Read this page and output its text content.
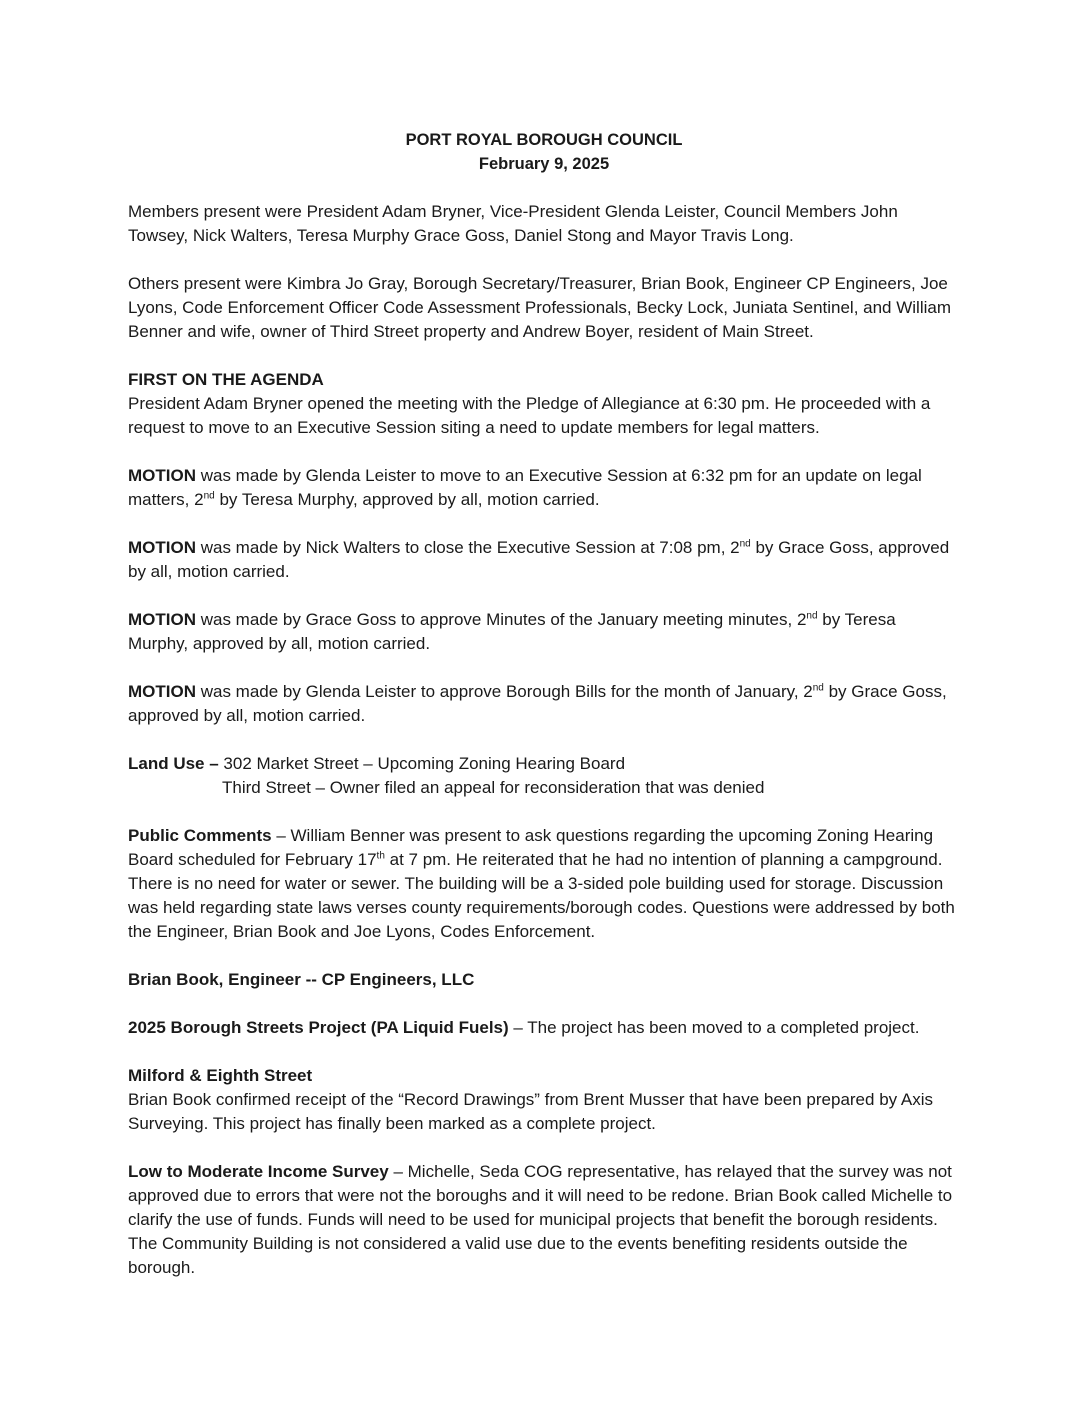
PORT ROYAL BOROUGH COUNCIL
February 9, 2025

Members present were President Adam Bryner, Vice-President Glenda Leister, Council Members John Towsey, Nick Walters, Teresa Murphy Grace Goss, Daniel Stong and Mayor Travis Long.

Others present were Kimbra Jo Gray, Borough Secretary/Treasurer, Brian Book, Engineer CP Engineers, Joe Lyons, Code Enforcement Officer Code Assessment Professionals, Becky Lock, Juniata Sentinel, and William Benner and wife, owner of Third Street property and Andrew Boyer, resident of Main Street.

FIRST ON THE AGENDA

President Adam Bryner opened the meeting with the Pledge of Allegiance at 6:30 pm. He proceeded with a request to move to an Executive Session siting a need to update members for legal matters.

MOTION was made by Glenda Leister to move to an Executive Session at 6:32 pm for an update on legal matters, 2nd by Teresa Murphy, approved by all, motion carried.

MOTION was made by Nick Walters to close the Executive Session at 7:08 pm, 2nd by Grace Goss, approved by all, motion carried.

MOTION was made by Grace Goss to approve Minutes of the January meeting minutes, 2nd by Teresa Murphy, approved by all, motion carried.

MOTION was made by Glenda Leister to approve Borough Bills for the month of January, 2nd by Grace Goss, approved by all, motion carried.

Land Use – 302 Market Street – Upcoming Zoning Hearing Board

Third Street – Owner filed an appeal for reconsideration that was denied

Public Comments – William Benner was present to ask questions regarding the upcoming Zoning Hearing Board scheduled for February 17th at 7 pm. He reiterated that he had no intention of planning a campground. There is no need for water or sewer. The building will be a 3-sided pole building used for storage. Discussion was held regarding state laws verses county requirements/borough codes. Questions were addressed by both the Engineer, Brian Book and Joe Lyons, Codes Enforcement.

Brian Book, Engineer -- CP Engineers, LLC

2025 Borough Streets Project (PA Liquid Fuels) – The project has been moved to a completed project.

Milford & Eighth Street

Brian Book confirmed receipt of the “Record Drawings” from Brent Musser that have been prepared by Axis Surveying. This project has finally been marked as a complete project.

Low to Moderate Income Survey – Michelle, Seda COG representative, has relayed that the survey was not approved due to errors that were not the boroughs and it will need to be redone. Brian Book called Michelle to clarify the use of funds. Funds will need to be used for municipal projects that benefit the borough residents. The Community Building is not considered a valid use due to the events benefiting residents outside the borough.
